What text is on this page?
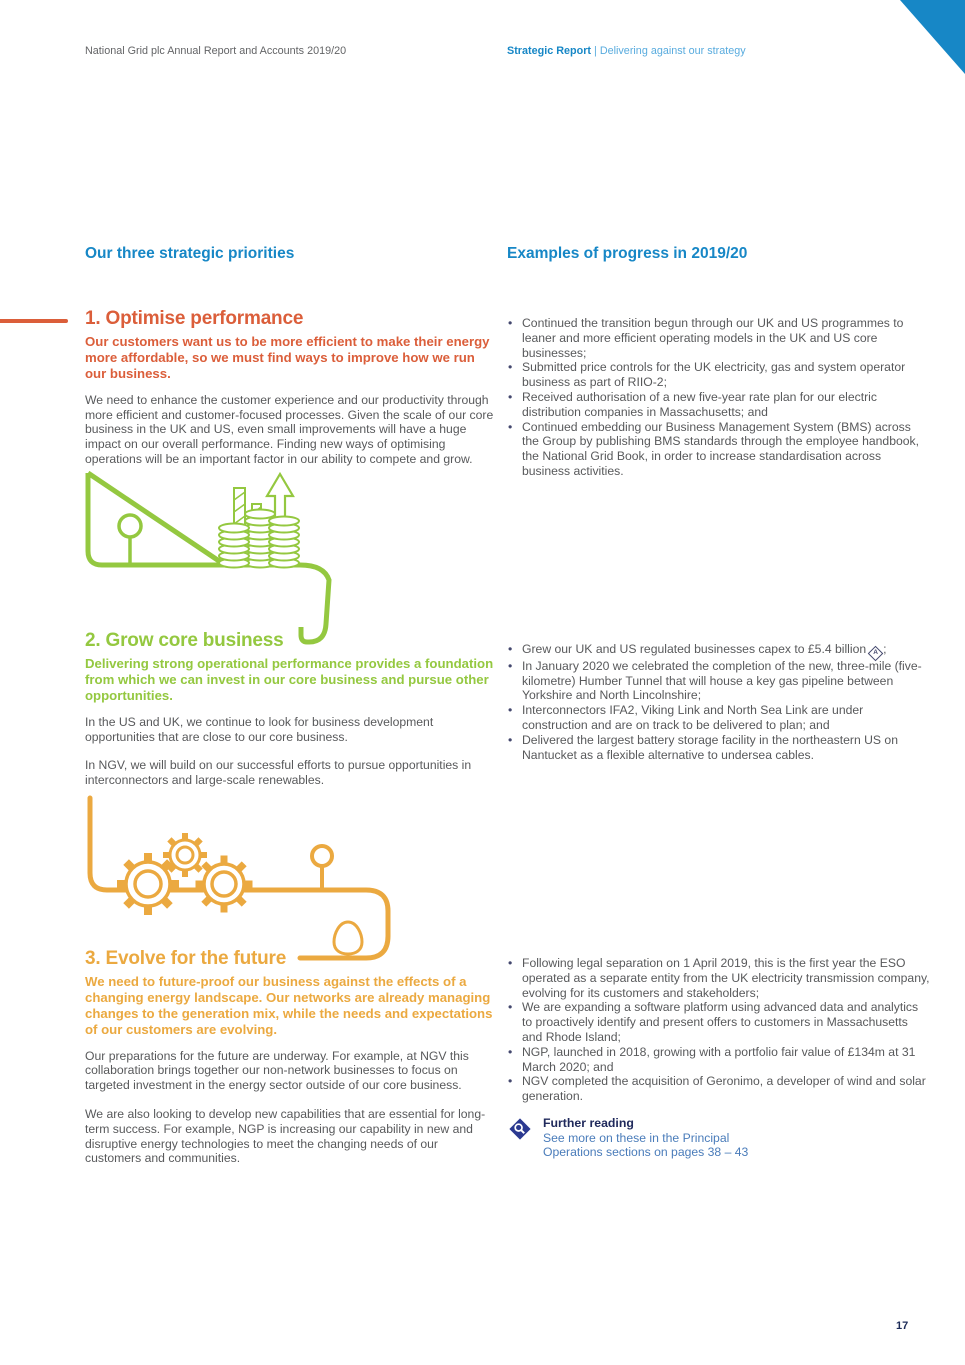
National Grid plc Annual Report and Accounts 2019/20	Strategic Report | Delivering against our strategy
Our three strategic priorities	Examples of progress in 2019/20
1. Optimise performance

Our customers want us to be more efficient to make their energy more affordable, so we must find ways to improve how we run our business.

We need to enhance the customer experience and our productivity through more efficient and customer-focused processes. Given the scale of our core business in the UK and US, even small improvements will have a huge impact on our overall performance. Finding new ways of optimising operations will be an important factor in our ability to compete and grow.

• Continued the transition begun through our UK and US programmes to leaner and more efficient operating models in the UK and US core businesses;
• Submitted price controls for the UK electricity, gas and system operator business as part of RIIO-2;
• Received authorisation of a new five-year rate plan for our electric distribution companies in Massachusetts; and
• Continued embedding our Business Management System (BMS) across the Group by publishing BMS standards through the employee handbook, the National Grid Book, in order to increase standardisation across business activities.
2. Grow core business

Delivering strong operational performance provides a foundation from which we can invest in our core business and pursue other opportunities.

In the US and UK, we continue to look for business development opportunities that are close to our core business.

In NGV, we will build on our successful efforts to pursue opportunities in interconnectors and large-scale renewables.

• Grew our UK and US regulated businesses capex to £5.4 billion A ;
• In January 2020 we celebrated the completion of the new, three-mile (five-kilometre) Humber Tunnel that will house a key gas pipeline between Yorkshire and North Lincolnshire;
• Interconnectors IFA2, Viking Link and North Sea Link are under construction and are on track to be delivered to plan; and
• Delivered the largest battery storage facility in the northeastern US on Nantucket as a flexible alternative to undersea cables.
3. Evolve for the future

We need to future-proof our business against the effects of a changing energy landscape. Our networks are already managing changes to the generation mix, while the needs and expectations of our customers are evolving.

Our preparations for the future are underway. For example, at NGV this collaboration brings together our non-network businesses to focus on targeted investment in the energy sector outside of our core business.

We are also looking to develop new capabilities that are essential for long-term success. For example, NGP is increasing our capability in new and disruptive energy technologies to meet the changing needs of our customers and communities.

• Following legal separation on 1 April 2019, this is the first year the ESO operated as a separate entity from the UK electricity transmission company, evolving for its customers and stakeholders;
• We are expanding a software platform using advanced data and analytics to proactively identify and present offers to customers in Massachusetts and Rhode Island;
• NGP, launched in 2018, growing with a portfolio fair value of £134m at 31 March 2020; and
• NGV completed the acquisition of Geronimo, a developer of wind and solar generation.

Further reading

See more on these in the Principal

Operations sections on pages 38 – 43

17
